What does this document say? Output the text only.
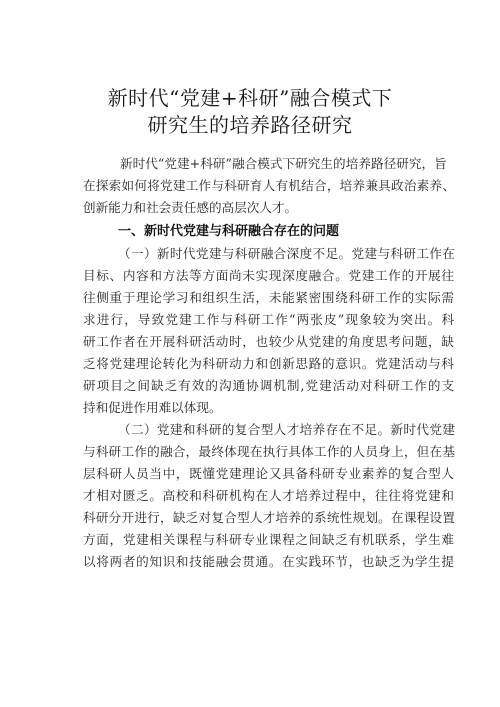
新时代“党建+科研”融合模式下
研究生的培养路径研究
新时代“党建+科研”融合模式下研究生的培养路径研究，旨
在探索如何将党建工作与科研育人有机结合，培养兼具政治素养、
创新能力和社会责任感的高层次人才。
一、新时代党建与科研融合存在的问题
（一）新时代党建与科研融合深度不足。党建与科研工作在
目标、内容和方法等方面尚未实现深度融合。党建工作的开展往
往侧重于理论学习和组织生活，未能紧密围绕科研工作的实际需
求进行，导致党建工作与科研工作“两张皮”现象较为突出。科
研工作者在开展科研活动时，也较少从党建的角度思考问题，缺
乏将党建理论转化为科研动力和创新思路的意识。党建活动与科
研项目之间缺乏有效的沟通协调机制,党建活动对科研工作的支
持和促进作用难以体现。
（二）党建和科研的复合型人才培养存在不足。新时代党建
与科研工作的融合，最终体现在执行具体工作的人员身上，但在基
层科研人员当中，既懂党建理论又具备科研专业素养的复合型人
才相对匮乏。高校和科研机构在人才培养过程中，往往将党建和
科研分开进行，缺乏对复合型人才培养的系统性规划。在课程设置
方面，党建相关课程与科研专业课程之间缺乏有机联系，学生难
以将两者的知识和技能融会贯通。在实践环节，也缺乏为学生提
